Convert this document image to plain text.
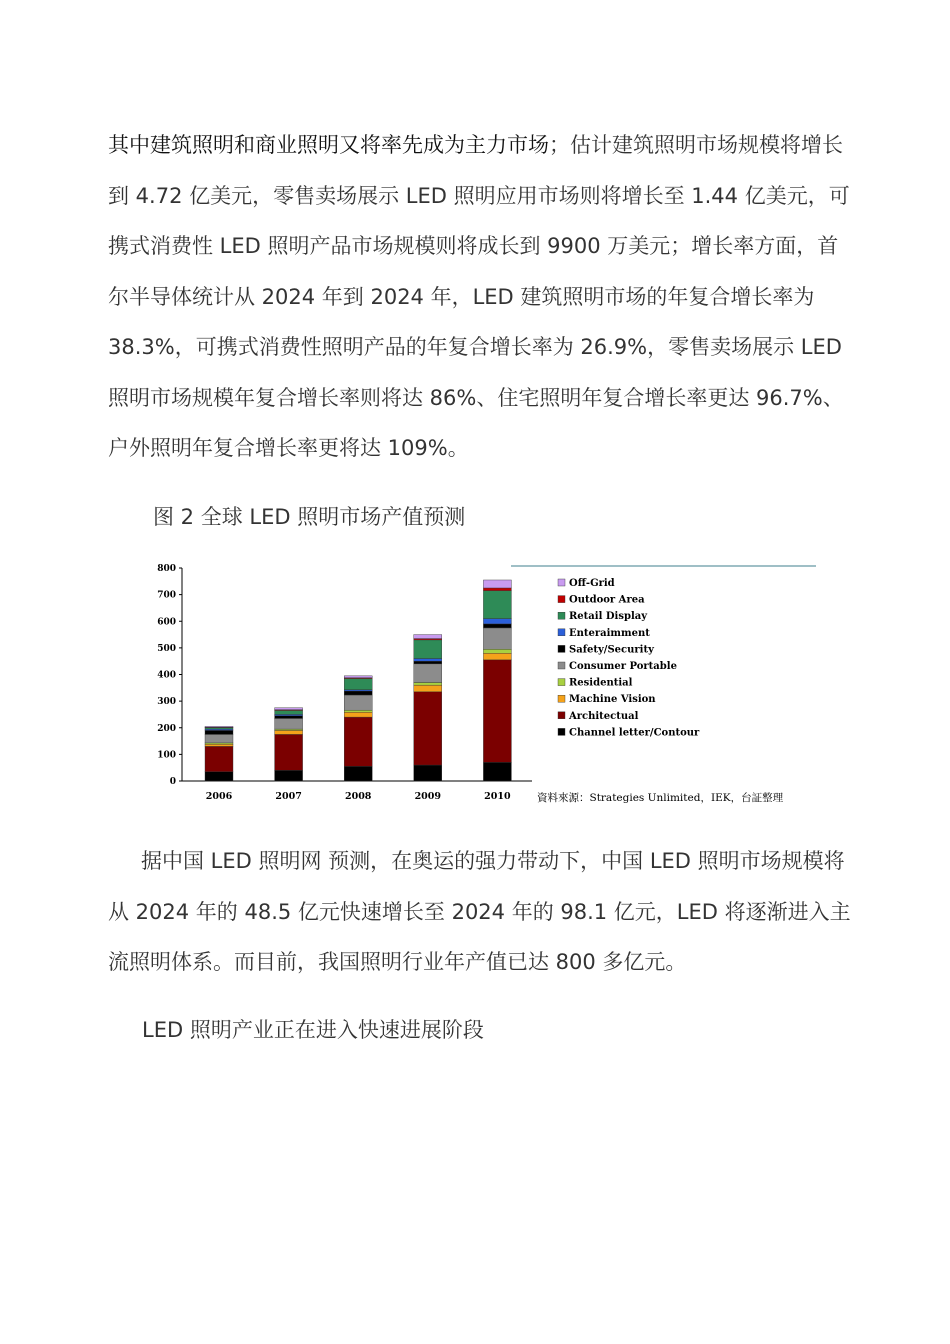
其中建筑照明和商业照明又将率先成为主力市场；估计建筑照明市场规模将增长到 4.72 亿美元，零售卖场展示 LED 照明应用市场则将增长至 1.44 亿美元，可携式消费性 LED 照明产品市场规模则将成长到 9900 万美元；增长率方面，首尔半导体统计从 2024 年到 2024 年，LED 建筑照明市场的年复合增长率为 38.3%，可携式消费性照明产品的年复合增长率为 26.9%，零售卖场展示 LED 照明市场规模年复合增长率则将达 86%、住宅照明年复合增长率更达 96.7%、户外照明年复合增长率更将达 109%。

图 2 全球 LED 照明市场产值预测

0
100
200
300
400
500
600
700
800
2006	2007	2008	2009	2010
Off-Grid
Outdoor Area
Retail Display
Enteraimment
Safety/Security
Consumer Portable
Residential
Machine Vision
Architectual
Channel letter/Contour
資料來源：Strategies Unlimited，IEK，台証整理

据中国 LED 照明网 预测，在奥运的强力带动下，中国 LED 照明市场规模将从 2024 年的 48.5 亿元快速增长至 2024 年的 98.1 亿元，LED 将逐渐进入主流照明体系。而目前，我国照明行业年产值已达 800 多亿元。

LED 照明产业正在进入快速进展阶段
